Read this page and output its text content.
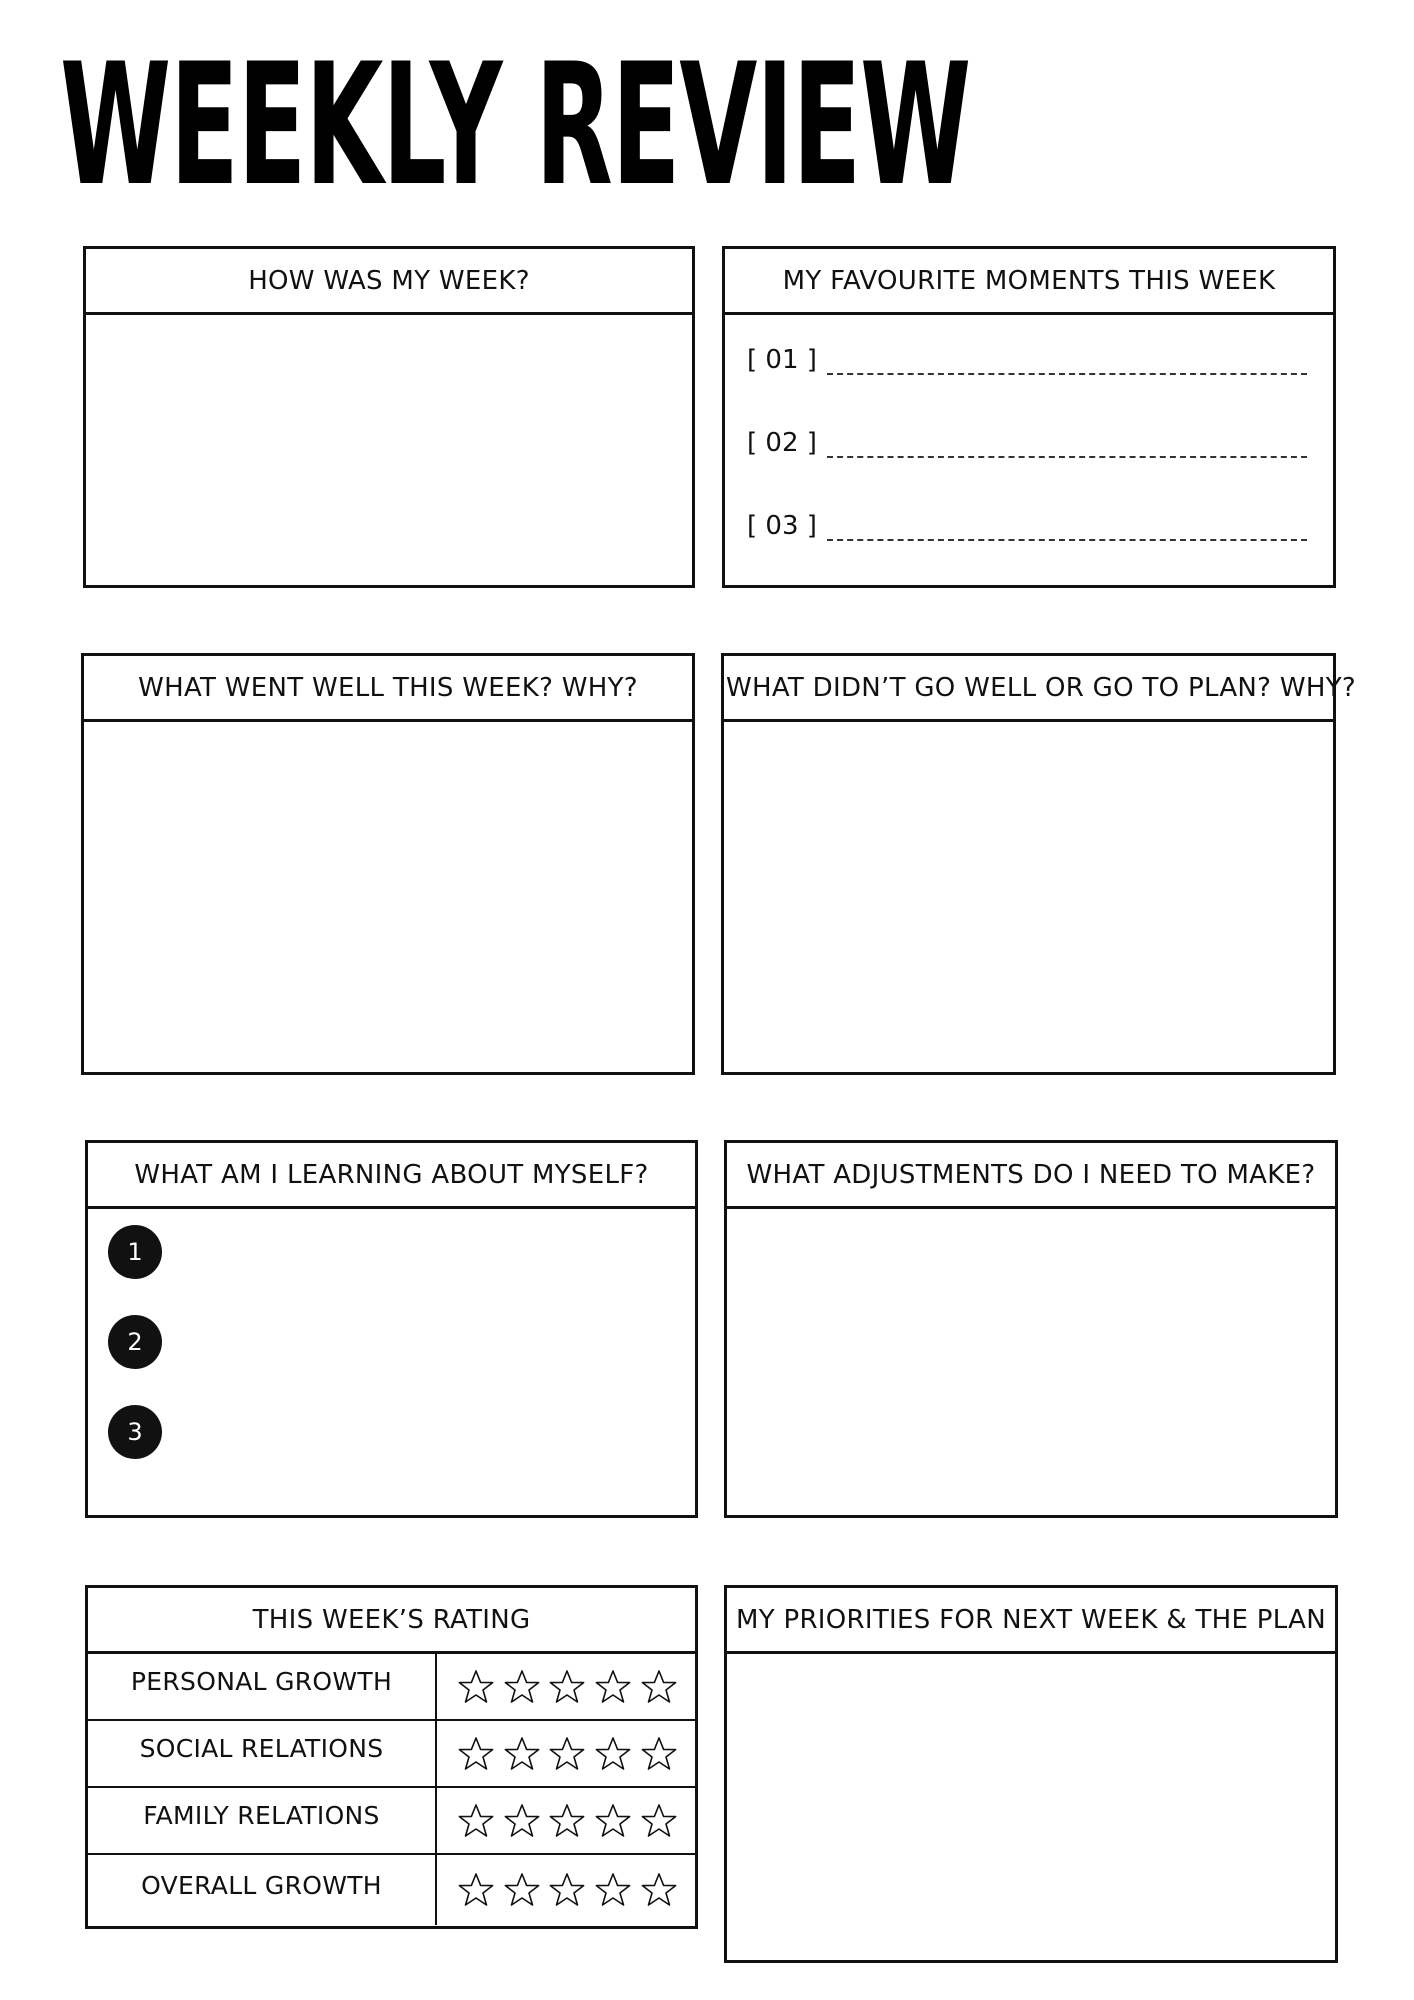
WEEKLY REVIEW
HOW WAS MY WEEK?	MY FAVOURITE MOMENTS THIS WEEK
[ 01 ]
[ 02 ]
[ 03 ]
WHAT WENT WELL THIS WEEK? WHY?	WHAT DIDN’T GO WELL OR GO TO PLAN? WHY?
WHAT AM I LEARNING ABOUT MYSELF?
1
2
3
WHAT ADJUSTMENTS DO I NEED TO MAKE?
THIS WEEK’S RATING
PERSONAL GROWTH
SOCIAL RELATIONS
FAMILY RELATIONS
OVERALL GROWTH
MY PRIORITIES FOR NEXT WEEK & THE PLAN
